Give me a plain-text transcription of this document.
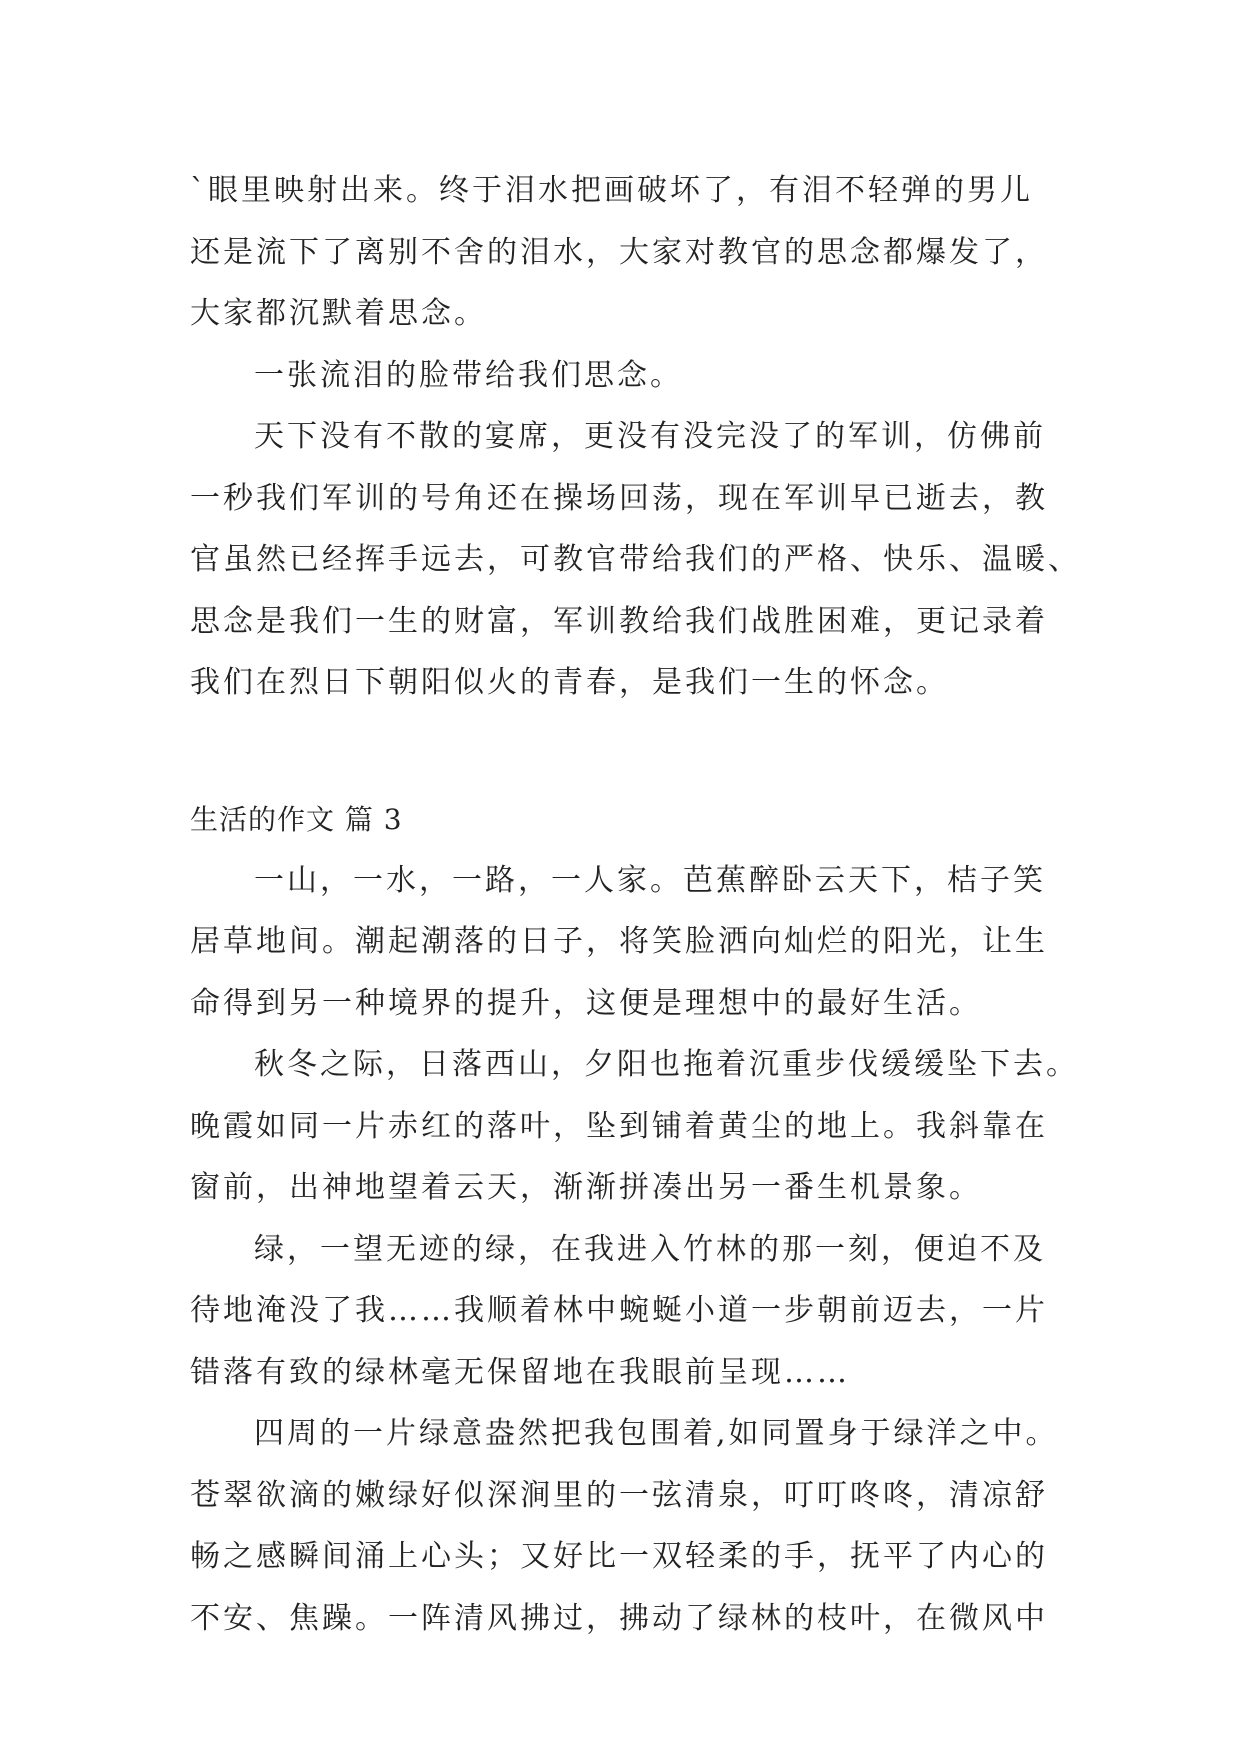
`眼里映射出来。终于泪水把画破坏了，有泪不轻弹的男儿
还是流下了离别不舍的泪水，大家对教官的思念都爆发了，
大家都沉默着思念。
一张流泪的脸带给我们思念。
天下没有不散的宴席，更没有没完没了的军训，仿佛前
一秒我们军训的号角还在操场回荡，现在军训早已逝去，教
官虽然已经挥手远去，可教官带给我们的严格、快乐、温暖、
思念是我们一生的财富，军训教给我们战胜困难，更记录着
我们在烈日下朝阳似火的青春，是我们一生的怀念。
生活的作文 篇 3
一山，一水，一路，一人家。芭蕉醉卧云天下，桔子笑
居草地间。潮起潮落的日子，将笑脸洒向灿烂的阳光，让生
命得到另一种境界的提升，这便是理想中的最好生活。
秋冬之际，日落西山，夕阳也拖着沉重步伐缓缓坠下去。
晚霞如同一片赤红的落叶，坠到铺着黄尘的地上。我斜靠在
窗前，出神地望着云天，渐渐拼凑出另一番生机景象。
绿，一望无迹的绿，在我进入竹林的那一刻，便迫不及
待地淹没了我……我顺着林中蜿蜒小道一步朝前迈去，一片
错落有致的绿林毫无保留地在我眼前呈现……
四周的一片绿意盎然把我包围着,如同置身于绿洋之中。
苍翠欲滴的嫩绿好似深涧里的一弦清泉，叮叮咚咚，清凉舒
畅之感瞬间涌上心头；又好比一双轻柔的手，抚平了内心的
不安、焦躁。一阵清风拂过，拂动了绿林的枝叶，在微风中
